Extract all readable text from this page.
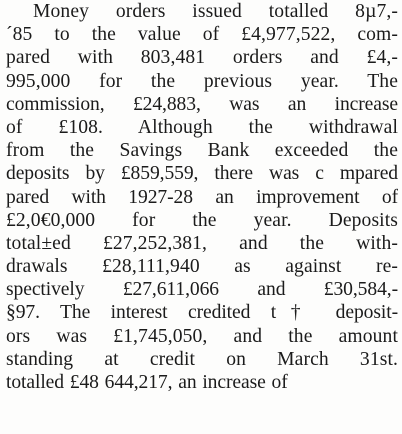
Money orders issued totalled 8µ7,-
´85 to the value of £4,977,522, com-
pared with 803,481 orders and £4,-
995,000 for the previous year. The
commission, £24,883, was an increase
of £108. Although the withdrawal
from the Savings Bank exceeded the
deposits by £859,559, there was c mpared
pared with 1927-28 an improvement of
£2,0€0,000 for the year. Deposits
total±ed £27,252,381, and the with-
drawals £28,111,940 as against re-
spectively £27,611,066 and £30,584,-
§97. The interest credited t† deposit-
ors was £1,745,050, and the amount
standing at credit on March 31st.
totalled £48 644,217, an increase of
